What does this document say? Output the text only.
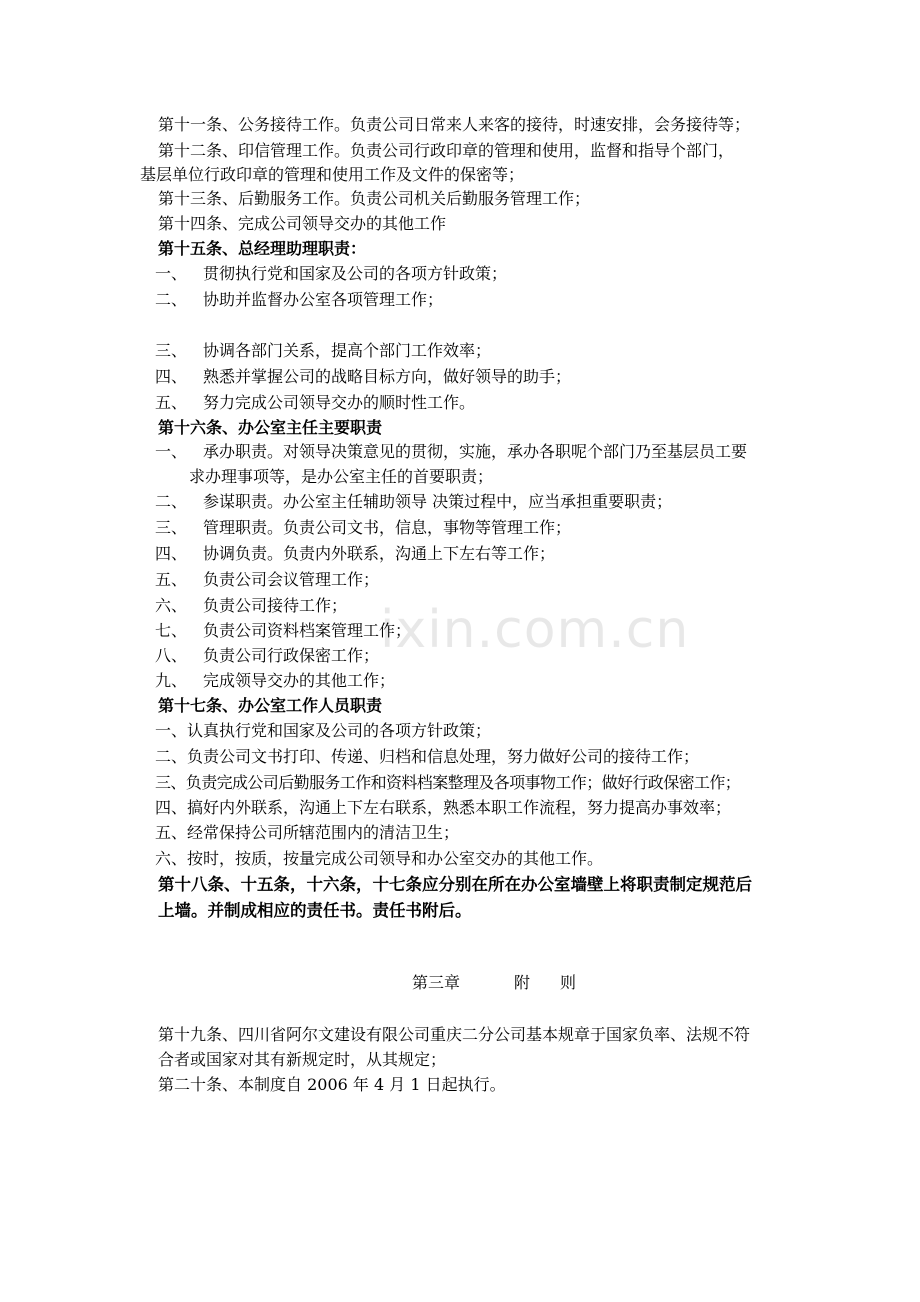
ixin.com.cn
第十一条、公务接待工作。负责公司日常来人来客的接待，时速安排，会务接待等；
第十二条、印信管理工作。负责公司行政印章的管理和使用，监督和指导个部门，
基层单位行政印章的管理和使用工作及文件的保密等；
第十三条、后勤服务工作。负责公司机关后勤服务管理工作；
第十四条、完成公司领导交办的其他工作
第十五条、总经理助理职责：
一、 贯彻执行党和国家及公司的各项方针政策；
二、 协助并监督办公室各项管理工作；
三、 协调各部门关系，提高个部门工作效率；
四、 熟悉并掌握公司的战略目标方向，做好领导的助手；
五、 努力完成公司领导交办的顺时性工作。
第十六条、办公室主任主要职责
一、 承办职责。对领导决策意见的贯彻，实施，承办各职呢个部门乃至基层员工要
求办理事项等，是办公室主任的首要职责；
二、 参谋职责。办公室主任辅助领导 决策过程中，应当承担重要职责；
三、 管理职责。负责公司文书，信息，事物等管理工作；
四、 协调负责。负责内外联系，沟通上下左右等工作；
五、 负责公司会议管理工作；
六、 负责公司接待工作；
七、 负责公司资料档案管理工作；
八、 负责公司行政保密工作；
九、 完成领导交办的其他工作；
第十七条、办公室工作人员职责
一、认真执行党和国家及公司的各项方针政策；
二、负责公司文书打印、传递、归档和信息处理，努力做好公司的接待工作；
三、负责完成公司后勤服务工作和资料档案整理及各项事物工作；做好行政保密工作；
四、搞好内外联系，沟通上下左右联系，熟悉本职工作流程，努力提高办事效率；
五、经常保持公司所辖范围内的清洁卫生；
六、按时，按质，按量完成公司领导和办公室交办的其他工作。
第十八条、十五条，十六条，十七条应分别在所在办公室墙壁上将职责制定规范后
上墙。并制成相应的责任书。责任书附后。
第三章	附 则
第十九条、四川省阿尔文建设有限公司重庆二分公司基本规章于国家负率、法规不符
合者或国家对其有新规定时，从其规定；
第二十条、本制度自 2006 年 4 月 1 日起执行。
